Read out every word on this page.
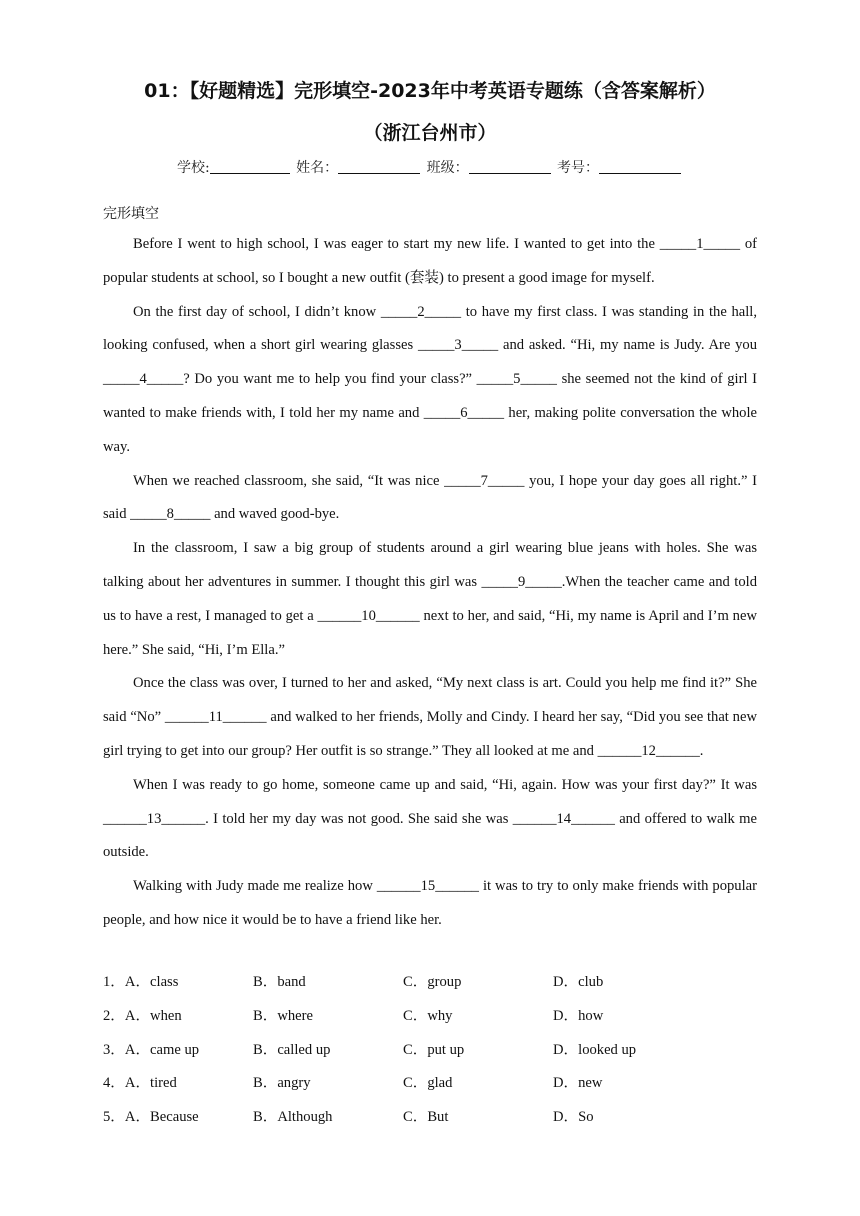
01：【好题精选】完形填空-2023年中考英语专题练（含答案解析）
（浙江台州市）
学校:	姓名：	班级：	考号：
完形填空

Before I went to high school, I was eager to start my new life. I wanted to get into the _____1_____ of popular students at school, so I bought a new outfit (套装) to present a good image for myself.

On the first day of school, I didn’t know _____2_____ to have my first class. I was standing in the hall, looking confused, when a short girl wearing glasses _____3_____ and asked. “Hi, my name is Judy. Are you _____4_____? Do you want me to help you find your class?” _____5_____ she seemed not the kind of girl I wanted to make friends with, I told her my name and _____6_____ her, making polite conversation the whole way.

When we reached classroom, she said, “It was nice _____7_____ you, I hope your day goes all right.” I said _____8_____ and waved good-bye.

In the classroom, I saw a big group of students around a girl wearing blue jeans with holes. She was talking about her adventures in summer. I thought this girl was _____9_____.When the teacher came and told us to have a rest, I managed to get a ______10______ next to her, and said, “Hi, my name is April and I’m new here.” She said, “Hi, I’m Ella.”

Once the class was over, I turned to her and asked, “My next class is art. Could you help me find it?” She said “No” ______11______ and walked to her friends, Molly and Cindy. I heard her say, “Did you see that new girl trying to get into our group? Her outfit is so strange.” They all looked at me and ______12______.

When I was ready to go home, someone came up and said, “Hi, again. How was your first day?” It was ______13______. I told her my day was not good. She said she was ______14______ and offered to walk me outside.

Walking with Judy made me realize how ______15______ it was to try to only make friends with popular people, and how nice it would be to have a friend like her.

1．A．class	B．band	C．group	D．club
2．A．when	B．where	C．why	D．how
3．A．came up	B．called up	C．put up	D．looked up
4．A．tired	B．angry	C．glad	D．new
5．A．Because	B．Although	C．But	D．So
